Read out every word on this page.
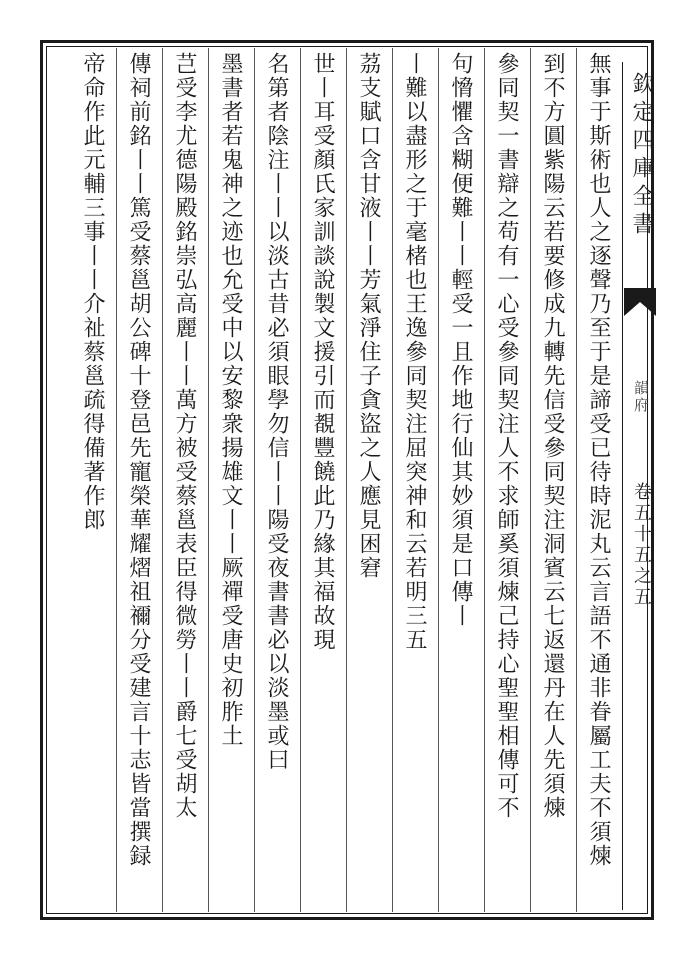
欽定四庫全書
韻府
卷五十五之五
無事于斯術也人之逐聲乃至于是諦受已待時泥丸云言語不通非眷屬工夫不須煉
到不方圓紫陽云若要修成九轉先信受參同契注洞賓云七返還丹在人先須煉
參同契一書辯之苟有一心受參同契注人不求師奚須煉己持心聖聖相傳可不
句愶懼含糊便難丨丨輕受一且作地行仙其妙須是口傳丨
丨難以盡形之于毫楮也王逸參同契注屈突神和云若明三五
茘支賦口含甘液丨丨芳氣淨住子貪盜之人應見困窘
世丨耳受顏氏家訓談說製文援引而覩豐饒此乃緣其福故現
名第者陰注丨丨以淡古昔必須眼學勿信丨丨陽受夜書書必以淡墨或曰
墨書者若鬼神之迹也允受中以安黎衆揚雄文丨丨厥禪受唐史初胙土
芑受李尤德陽殿銘崇弘高麗丨丨萬方被受蔡邕表臣得微勞丨丨爵七受胡太
傳祠前銘丨丨篤受蔡邕胡公碑十登邑先寵榮華耀熠祖禰分受建言十志皆當撰録
帝命作此元輔三事丨丨介祉蔡邕疏得備著作郎
